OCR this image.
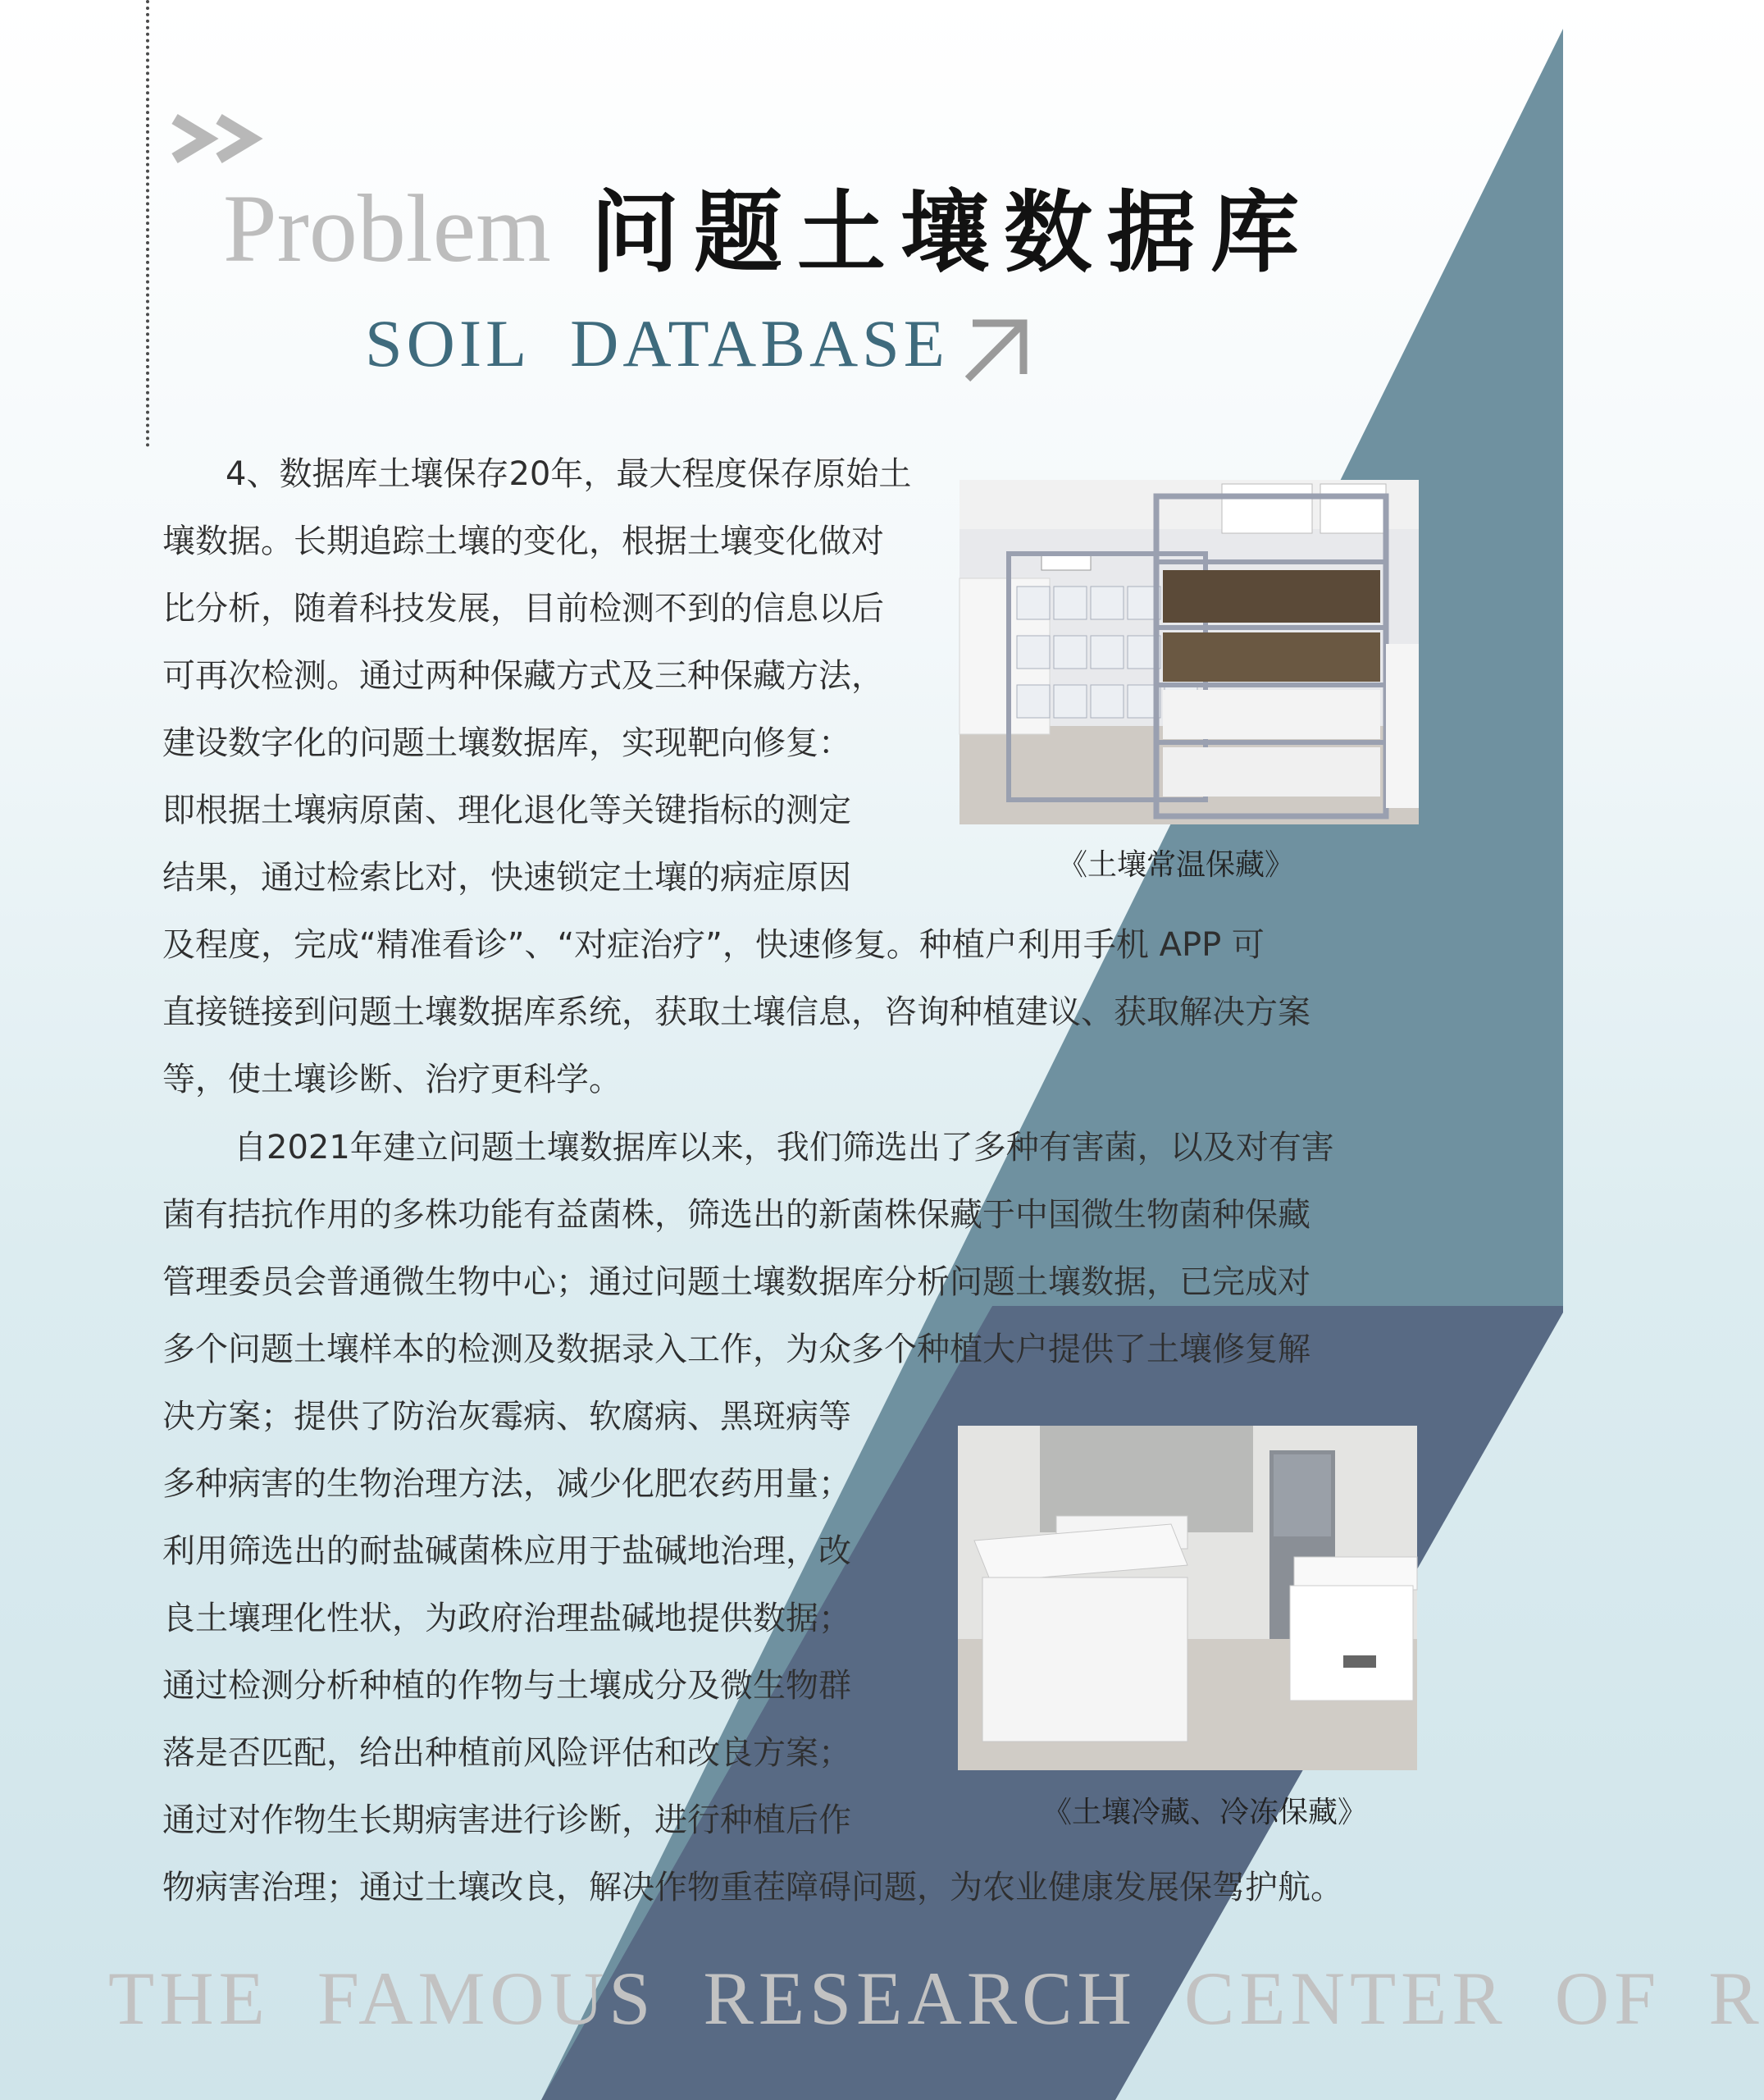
Problem 问题土壤数据库
SOIL  DATABASE
《土壤常温保藏》
《土壤冷藏、冷冻保藏》
4、数据库土壤保存20年，最大程度保存原始土
壤数据。长期追踪土壤的变化，根据土壤变化做对
比分析，随着科技发展，目前检测不到的信息以后
可再次检测。通过两种保藏方式及三种保藏方法，
建设数字化的问题土壤数据库，实现靶向修复：
即根据土壤病原菌、理化退化等关键指标的测定
结果，通过检索比对，快速锁定土壤的病症原因
及程度，完成“精准看诊”、“对症治疗”，快速修复。种植户利用手机 APP 可
直接链接到问题土壤数据库系统，获取土壤信息，咨询种植建议、获取解决方案
等，使土壤诊断、治疗更科学。
自2021年建立问题土壤数据库以来，我们筛选出了多种有害菌，以及对有害
菌有拮抗作用的多株功能有益菌株，筛选出的新菌株保藏于中国微生物菌种保藏
管理委员会普通微生物中心；通过问题土壤数据库分析问题土壤数据，已完成对
多个问题土壤样本的检测及数据录入工作，为众多个种植大户提供了土壤修复解
决方案；提供了防治灰霉病、软腐病、黑斑病等
多种病害的生物治理方法，减少化肥农药用量；
利用筛选出的耐盐碱菌株应用于盐碱地治理，改
良土壤理化性状，为政府治理盐碱地提供数据；
通过检测分析种植的作物与土壤成分及微生物群
落是否匹配，给出种植前风险评估和改良方案；
通过对作物生长期病害进行诊断，进行种植后作
物病害治理；通过土壤改良，解决作物重茬障碍问题，为农业健康发展保驾护航。
THE  FAMOUS  RESEARCH  CENTER  OF  R
